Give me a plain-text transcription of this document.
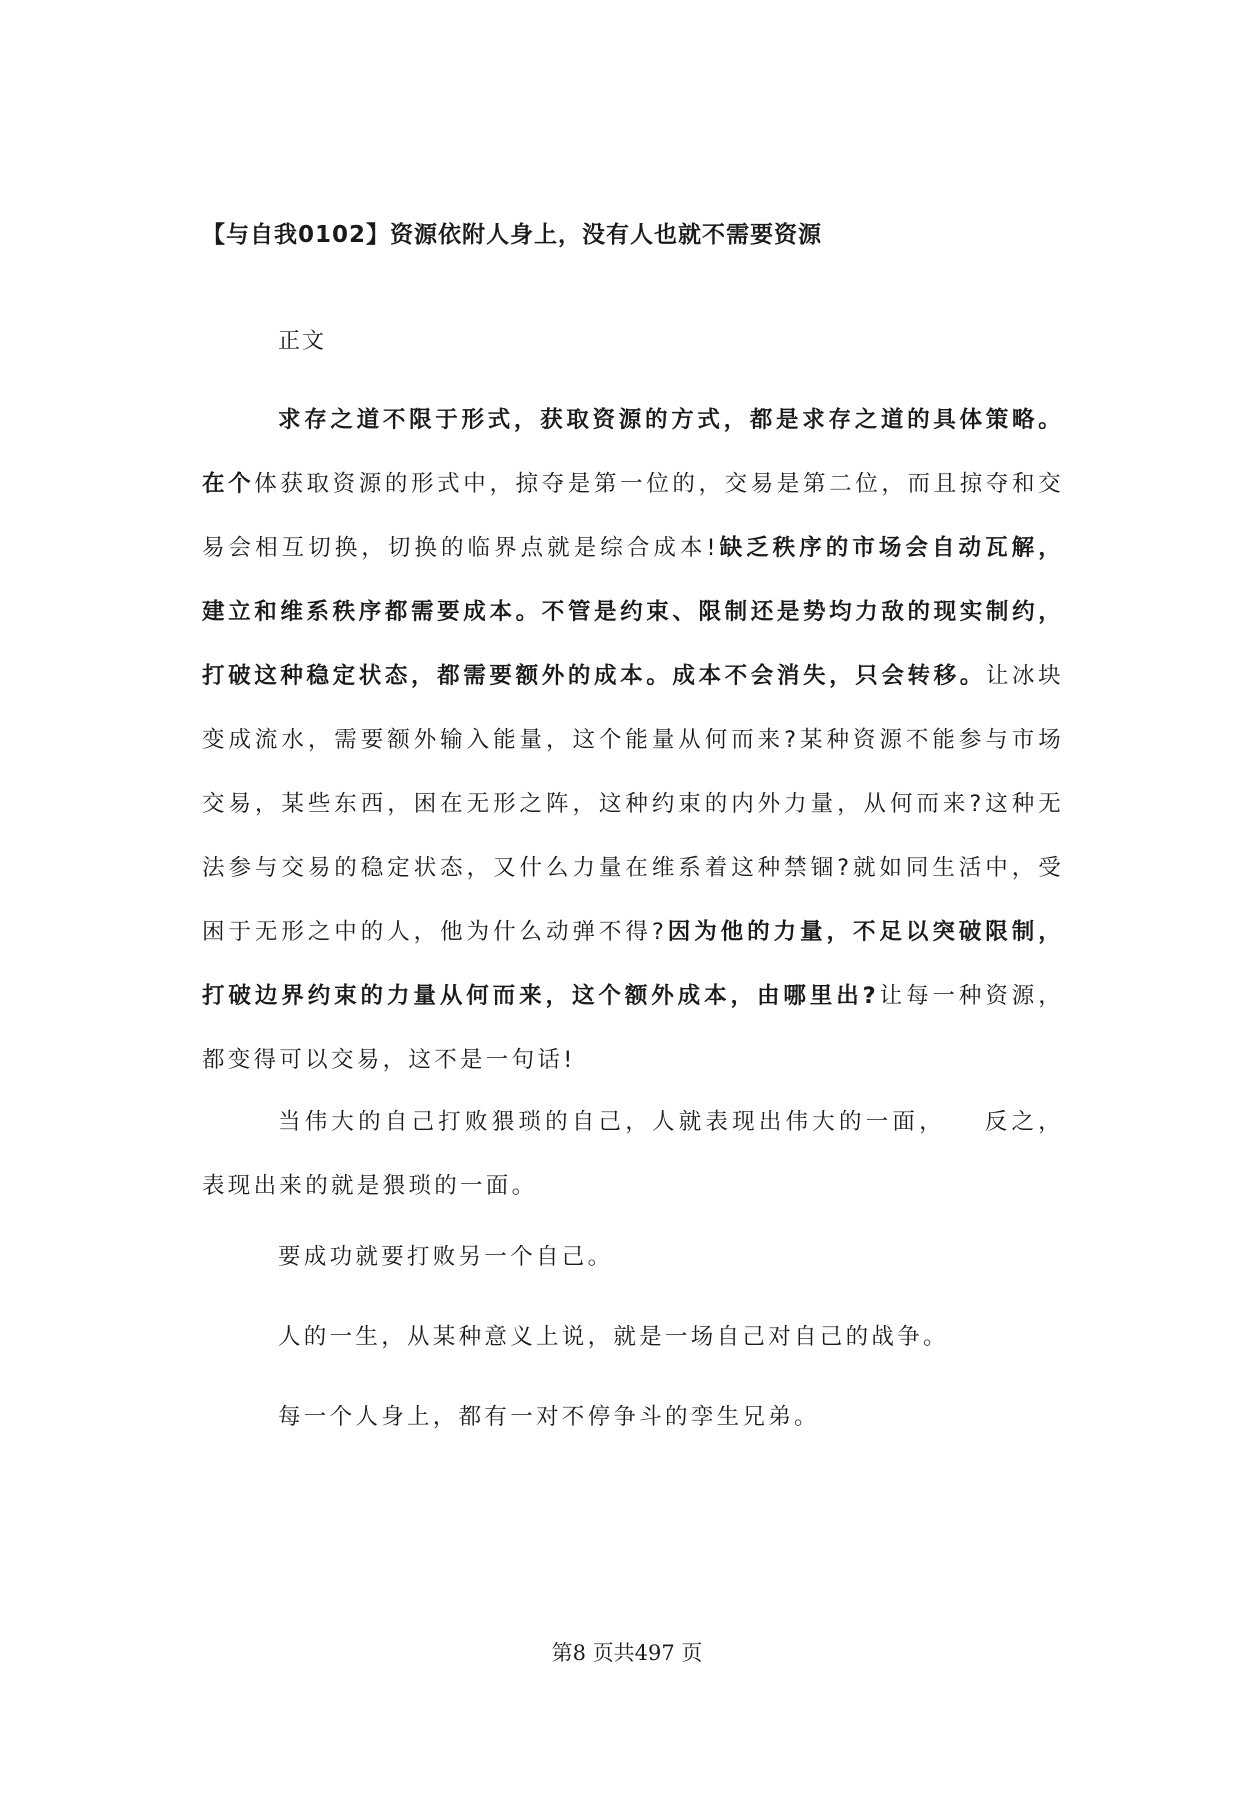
【与自我0102】资源依附人身上，没有人也就不需要资源
正文
求存之道不限于形式，获取资源的方式，都是求存之道的具体策略。在个体获取资源的形式中，掠夺是第一位的，交易是第二位，而且掠夺和交易会相互切换，切换的临界点就是综合成本!缺乏秩序的市场会自动瓦解，建立和维系秩序都需要成本。不管是约束、限制还是势均力敌的现实制约，打破这种稳定状态，都需要额外的成本。成本不会消失，只会转移。让冰块变成流水，需要额外输入能量，这个能量从何而来?某种资源不能参与市场交易，某些东西，困在无形之阵，这种约束的内外力量，从何而来?这种无法参与交易的稳定状态，又什么力量在维系着这种禁锢?就如同生活中，受困于无形之中的人，他为什么动弹不得?因为他的力量，不足以突破限制，打破边界约束的力量从何而来，这个额外成本，由哪里出?让每一种资源，都变得可以交易，这不是一句话!
当伟大的自己打败猥琐的自己，人就表现出伟大的一面， 反之，表现出来的就是猥琐的一面。
要成功就要打败另一个自己。
人的一生，从某种意义上说，就是一场自己对自己的战争。
每一个人身上，都有一对不停争斗的孪生兄弟。
第8 页共497 页
